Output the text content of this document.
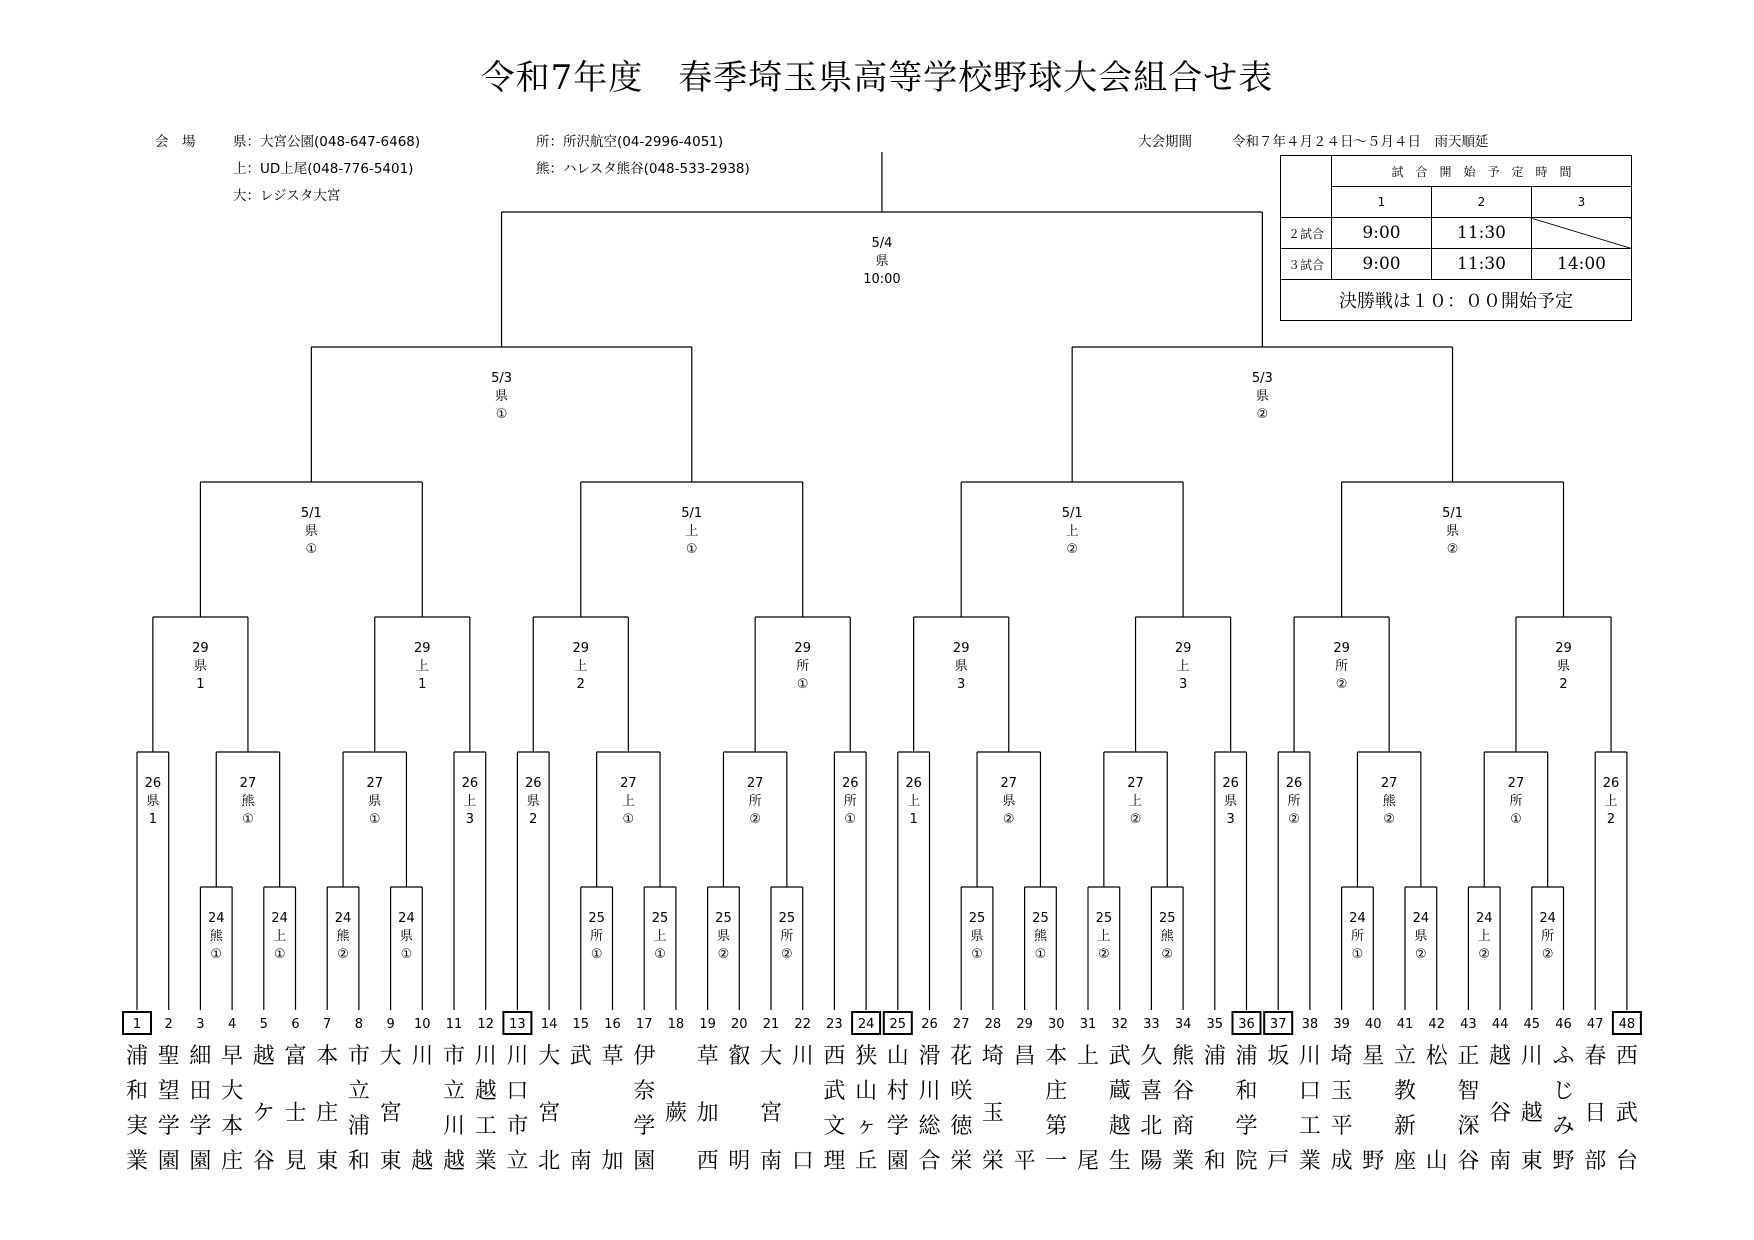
令和7年度　春季埼玉県高等学校野球大会組合せ表
会　場	県：大宮公園(048-647-6468)
上：UD上尾(048-776-5401)
大：レジスタ大宮
所：所沢航空(04-2996-4051)
熊：ハレスタ熊谷(048-533-2938)
大会期間	令和７年４月２４日～５月４日　雨天順延
	試　合　開　始　予　定　時　間		
	1	2	3
２試合	9:00	11:30	
３試合	9:00	11:30	14:00
決勝戦は１０：００開始予定			
1
浦
和
実
業
2
聖
望
学
園
3
細
田
学
園
4
早
大
本
庄
5
越
ケ
谷
6
富
士
見
7
本
庄
東
8
市
立
浦
和
9
大
宮
東
10
川
越
11
市
立
川
越
12
川
越
工
業
13
川
口
市
立
14
大
宮
北
15
武
南
16
草
加
17
伊
奈
学
園
18
蕨
19
草
加
西
20
叡
明
21
大
宮
南
22
川
口
23
西
武
文
理
24
狭
山
ヶ
丘
25
山
村
学
園
26
滑
川
総
合
27
花
咲
徳
栄
28
埼
玉
栄
29
昌
平
30
本
庄
第
一
31
上
尾
32
武
蔵
越
生
33
久
喜
北
陽
34
熊
谷
商
業
35
浦
和
36
浦
和
学
院
37
坂
戸
38
川
口
工
業
39
埼
玉
平
成
40
星
野
41
立
教
新
座
42
松
山
43
正
智
深
谷
44
越
谷
南
45
川
越
東
46
ふ
じ
み
野
47
春
日
部
48
西
武
台
24
熊
①
24
上
①
24
熊
②
24
県
①
25
所
①
25
上
①
25
県
②
25
所
②
25
県
①
25
熊
①
25
上
②
25
熊
②
24
所
①
24
県
②
24
上
②
24
所
②
26
県
1
26
上
3
26
県
2
26
所
①
26
上
1
26
県
3
26
所
②
26
上
2
27
熊
①
27
県
①
27
上
①
27
所
②
27
県
②
27
上
②
27
熊
②
27
所
①
29
県
1
29
上
1
29
上
2
29
所
①
29
県
3
29
上
3
29
所
②
29
県
2
5/1
県
①
5/1
上
①
5/1
上
②
5/1
県
②
5/3
県
①
5/3
県
②
5/4
県
10:00
